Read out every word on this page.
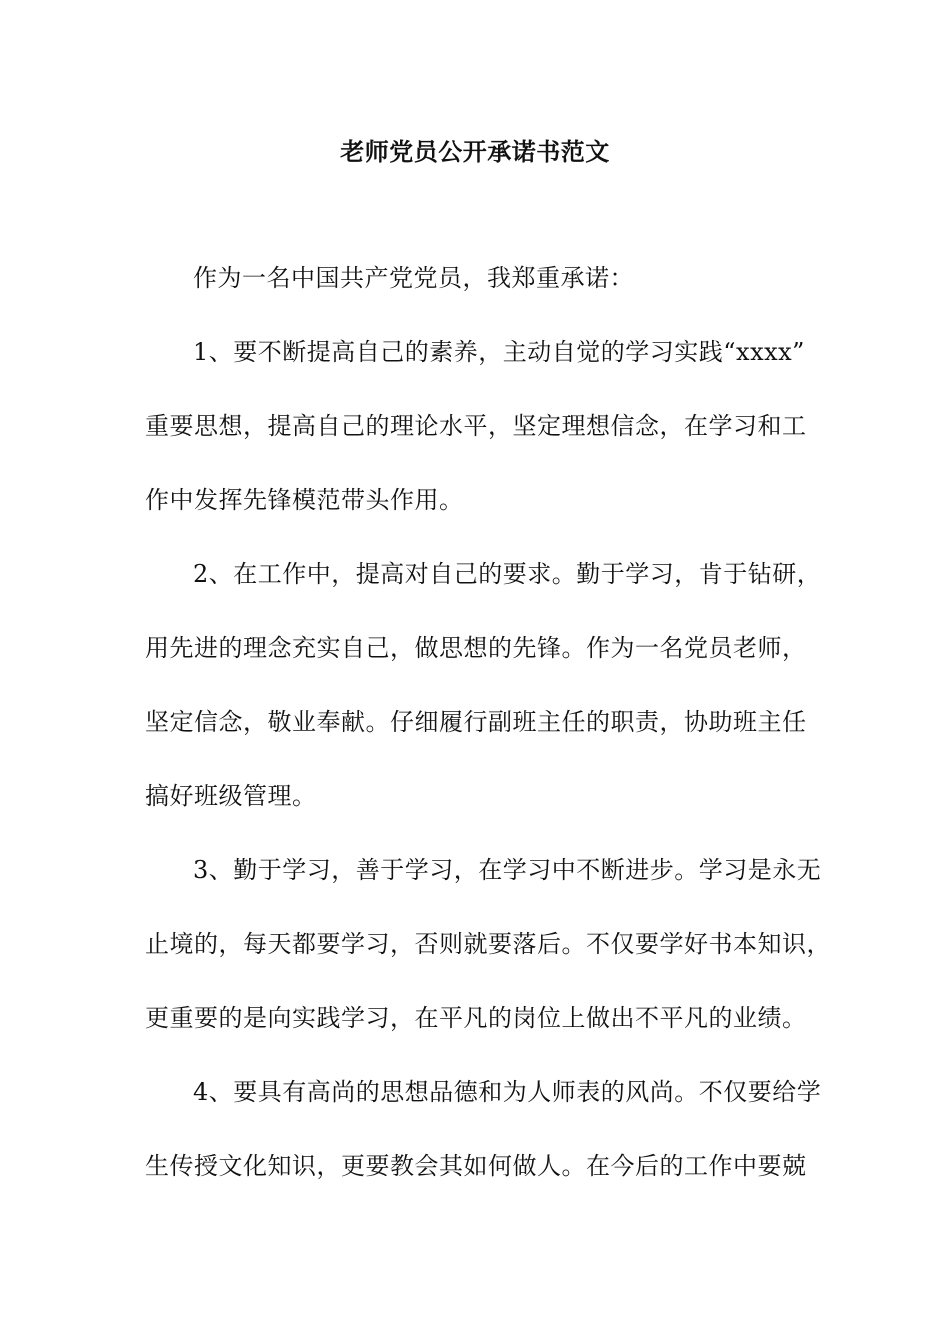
老师党员公开承诺书范文
作为一名中国共产党党员，我郑重承诺：
1、要不断提高自己的素养，主动自觉的学习实践“xxxx”
重要思想，提高自己的理论水平，坚定理想信念，在学习和工
作中发挥先锋模范带头作用。
2、在工作中，提高对自己的要求。勤于学习，肯于钻研，
用先进的理念充实自己，做思想的先锋。作为一名党员老师，
坚定信念，敬业奉献。仔细履行副班主任的职责，协助班主任
搞好班级管理。
3、勤于学习，善于学习，在学习中不断进步。学习是永无
止境的，每天都要学习，否则就要落后。不仅要学好书本知识，
更重要的是向实践学习，在平凡的岗位上做出不平凡的业绩。
4、要具有高尚的思想品德和为人师表的风尚。不仅要给学
生传授文化知识，更要教会其如何做人。在今后的工作中要兢
